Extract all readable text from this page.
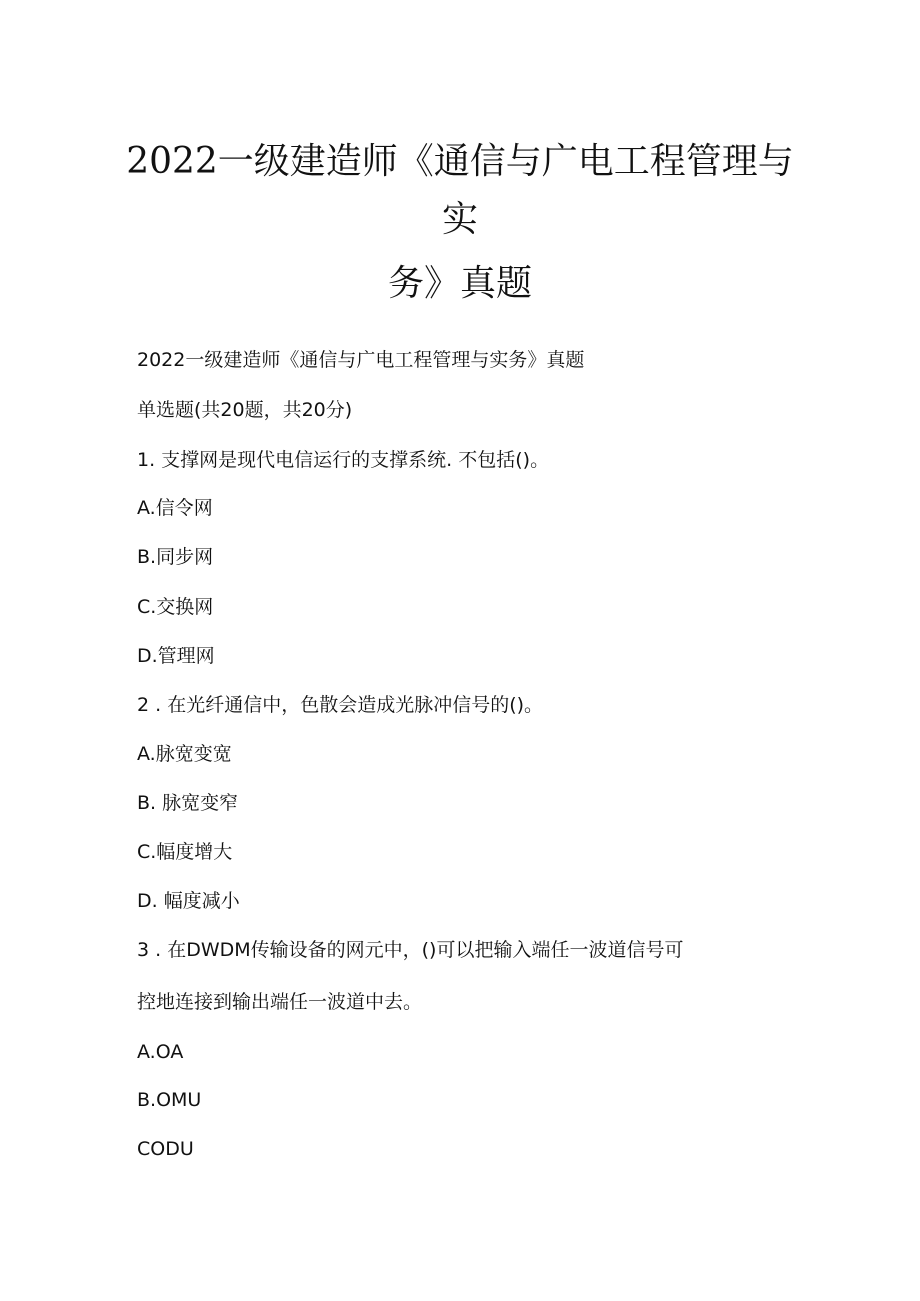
2022一级建造师《通信与广电工程管理与
实
务》真题
2022一级建造师《通信与广电工程管理与实务》真题
单选题(共20题，共20分)
1. 支撑网是现代电信运行的支撑系统. 不包括()。
A.信令网
B.同步网
C.交换网
D.管理网
2 . 在光纤通信中，色散会造成光脉冲信号的()。
A.脉宽变宽
B. 脉宽变窄
C.幅度增大
D. 幅度减小
3 . 在DWDM传输设备的网元中，()可以把输入端任一波道信号可
控地连接到输出端任一波道中去。
A.OA
B.OMU
CODU
